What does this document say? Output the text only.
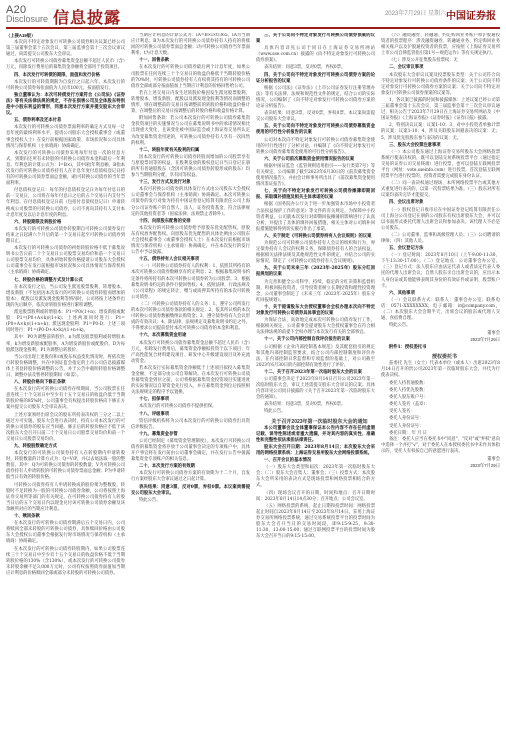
A20
Disclosure 信息披露	2023年7月29日 星期六 中国证券报

（上接A19版）

本次向不特定对象发行可转换公司债券相关议案已经公司第三届董事会第十五次会议、第三届监事会第十三次会议审议通过，尚需提交公司股东大会审议。

本次发行可转换公司债券募集资金总额不超过人民币（含）万元，扣除发行费用后的募集资金净额将全部用于投资项目。

四、本次发行可转债的期限、面值和发行价格

本次发行的可转债期限为自发行之日起六年。本次发行的可转换公司债券每张面值为人民币100元，按面值发行。

独立董事认为：本次可转债发行方案符合《公司法》《证券法》等有关法律法规的规定，不存在损害公司及全体股东特别是中小股东利益的情形，同意本次发行方案并提交股东大会审议。

五、债券利率及还本付息

本次发行的可转换公司债券票面利率的确定方式及每一计息年度的最终利率水平，提请公司股东大会授权董事会（或董事会授权人士）在发行前根据国家政策、市场状况和公司具体情况与保荐机构（主承销商）协商确定。

本次发行的可转换公司债券采用每年付息一次的付息方式，到期归还所有未转股的可转换公司债券本金和最后一年利息。年利息的计算公式为：I=B×i，其中I指年利息额，B指本次发行的可转换公司债券持有人在计息年度付息债权登记日持有的可转换公司债券票面总金额，i指可转换公司债券的当年票面利率。

付息债权登记日：每年的付息债权登记日为每年付息日的前一交易日，公司将在每年付息日之后的五个交易日内支付当年利息。在付息债权登记日前（包括付息债权登记日）申请转换成公司股票的可转换公司债券，公司不再向其持有人支付本计息年度及以后计息年度的利息。

六、转股期限及转股价格

本次发行的可转换公司债券转股期自可转换公司债券发行结束之日起满六个月后的第一个交易日起至可转换公司债券到期日止。

本次发行的可转换公司债券的初始转股价格不低于募集说明书公告日前二十个交易日公司股票交易均价和前一个交易日公司股票交易均价，具体初始转股价格提请公司股东大会授权公司董事会在发行前根据市场状况和公司具体情况与保荐机构（主承销商）协商确定。

七、转股价格的调整方式及计算公式

在本次发行之后，当公司发生派送股票股利、转增股本、增发新股（不包括因本次发行的可转换公司债券转股而增加的股本）、配股以及派发现金股利等情况时，公司将按上述条件出现的先后顺序，依次对转股价格进行累积调整。

派送股票股利或转增股本：P1=P0/(1+n)；增发新股或配股：P1=(P0+A×k)/(1+k)；上述两项同时进行：P1=(P0+A×k)/(1+n+k)；派送现金股利：P1=P0-D；上述三项同时进行：P1=(P0-D+A×k)/(1+n+k)。

其中：P0为调整前转股价，n为派送股票股利或转增股本率，k为增发新股或配股率，A为增发新股价或配股价，D为每股派送现金股利，P1为调整后转股价。

当公司出现上述股份和/或股东权益变化情况时，将依次进行转股价格调整，并在中国证监会指定的上市公司信息披露媒体上刊登转股价格调整的公告，并于公告中载明转股价格调整日、调整办法及暂停转股期间（如需）。

八、转股价格向下修正条款

在本次发行的可转换公司债券存续期间，当公司股票在任意连续三十个交易日中至少有十五个交易日的收盘价低于当期转股价格的85%时，公司董事会有权提出转股价格向下修正方案并提交公司股东大会审议表决。

上述方案须经出席会议的股东所持表决权的三分之二以上通过方可实施。股东大会进行表决时，持有公司本次发行的可转换公司债券的股东应当回避。修正后的转股价格应不低于该次股东大会召开日前二十个交易日公司股票交易均价和前一个交易日公司股票交易均价。

九、转股股数确定方式

本次发行的可转换公司债券持有人在转股期内申请转股时，转股数量的计算方式为：Q=V/P，并以去尾法取一股的整数倍。其中：Q为可转换公司债券的转股数量；V为可转换公司债券持有人申请转股的可转换公司债券票面总金额；P为申请转股当日有效的转股价格。

可转换公司债券持有人申请转换成的股份须为整数股。转股时不足转换为一股的可转换公司债券余额，公司将按照上海证券交易所等部门的有关规定，在可转换公司债券持有人转股当日后的五个交易日内以现金兑付该可转换公司债券余额及该余额所对应的当期应计利息。

十、赎回条款

在本次发行的可转换公司债券期满后五个交易日内，公司将赎回全部未转股的可转换公司债券，具体赎回价格由公司股东大会授权公司董事会根据发行时市场情况与保荐机构（主承销商）协商确定。

在本次发行的可转换公司债券转股期内，如果公司股票连续三十个交易日中至少有十五个交易日的收盘价格不低于当期转股价格的130%（含130%），或本次发行的可转换公司债券未转股余额不足3,000万元时，公司有权按照债券面值加当期应计利息的价格赎回全部或部分未转股的可转换公司债券。

当期应计利息的计算公式为：IA=B×i×t/365。IA为当期应计利息；B为本次发行的可转换公司债券持有人持有的将赎回的可转换公司债券票面总金额；i为可转换公司债券当年票面利率；t为计息天数。

十一、回售条款

在本次发行的可转换公司债券最后两个计息年度，如果公司股票在任何连续三十个交易日的收盘价格低于当期转股价格的70%时，可转换公司债券持有人有权将其持有的可转换公司债券全部或部分按面值加上当期应计利息的价格回售给公司。

若在上述交易日内发生过转股价格因发生派送股票股利、转增股本、增发新股、配股以及派发现金股利等情况而调整的情形，则在调整前的交易日按调整前的转股价格和收盘价格计算，在调整后的交易日按调整后的转股价格和收盘价格计算。

附加回售条款：若公司本次发行的可转换公司债券募集资金投资项目的实施情况与公司在募集说明书中的承诺情况相比出现重大变化，且该变化被中国证监会或上海证券交易所认定为改变募集资金用途的，可转换公司债券持有人享有一次回售的权利。

十二、转股年度有关股利的归属

因本次发行的可转换公司债券转股而增加的公司股票享有与原股票同等的权益，在股利发放的股权登记日当日登记在册的所有普通股股东（含因可转换公司债券转股形成的股东）均参与当期股利分配，享有同等权益。

十三、发行方式及发行对象

本次可转换公司债券的具体发行方式由公司股东大会授权公司董事会与保荐机构（主承销商）协商确定。本次可转换公司债券的发行对象为持有中国证券登记结算有限责任公司上海分公司证券账户的自然人、法人、证券投资基金、符合法律规定的其他投资者等（国家法律、法规禁止者除外）。

十四、向原股东配售的安排

本次发行的可转换公司债券给予原股东优先配售权，原股东有权放弃配售权。向原股东优先配售的具体比例由公司股东大会授权董事会（或董事会授权人士）在本次发行前根据市场情况与保荐机构（主承销商）协商确定，并在本次发行的发行公告中予以披露。

十五、债券持有人会议相关事项

（一）可转换公司债券持有人的权利：1、依照其所持有的本次可转换公司债券数额享有约定利息；2、根据募集说明书约定条件将所持有的本次可转换公司债券转为公司股票；3、根据募集说明书约定的条件行使回售权；4、依照法律、行政法规及《公司章程》的规定转让、赠与或质押其所持有的本次可转换公司债券。

（二）可转换公司债券持有人的义务：1、遵守公司所发行的本次可转换公司债券条款的相关规定；2、依其所认购的本次可转换公司债券数额缴纳认购资金；3、遵守债券持有人会议形成的有效决议；4、除法律、法规规定及募集说明书约定之外，不得要求公司提前偿付本次可转换公司债券的本金和利息。

十六、本次募集资金用途

本次发行可转换公司债券募集资金总额不超过人民币（含）万元，扣除发行费用后，募集资金净额拟投资于以下项目：年产高性能复合材料建设项目、研发中心升级建设项目及补充流动资金。

若本次发行实际募集资金净额低于上述项目拟投入募集资金金额，不足部分由公司自筹解决。在本次发行可转换公司债券募集资金到位之前，公司将根据募集资金投资项目实施进度的实际情况以自筹资金先行投入，并在募集资金到位后按照相关法规规定的程序予以置换。

十七、担保事项

本次发行的可转换公司债券不提供担保。

十八、评级事项

资信评级机构将为公司本次发行的可转换公司债券出具资信评级报告。

十九、募集资金存管

公司已经制定《募集资金管理制度》，本次发行可转换公司债券的募集资金将存放于公司董事会决定的专项账户中，具体开户事宜将在发行前由公司董事会确定，并在发行公告中披露募集资金专项账户的相关信息。

二十、本次发行方案的有效期

本次发行可转换公司债券方案的有效期为十二个月，自发行方案经股东大会审议通过之日起计算。

表决结果：同意3票，反对0票，弃权0票。本议案尚需提交公司股东大会审议。

特此公告。

三、关于公司向不特定对象发行可转换公司债券预案的议案

具体内容详见公司于同日在上海证券交易所网站（www.sse.com.cn）披露的《向不特定对象发行可转换公司债券预案》。

表决结果：同意3票，反对0票，弃权0票。

四、关于公司向不特定对象发行可转换公司债券方案的论证分析报告的议案

根据《公司法》《证券法》《上市公司证券发行注册管理办法》等有关法律、法规和规范性文件的规定，结合公司的实际情况，公司编制了《向不特定对象发行可转换公司债券方案的论证分析报告》。

表决结果：同意3票，反对0票，弃权0票。本议案尚需提交公司股东大会审议。

五、关于公司向不特定对象发行可转换公司债券募集资金使用的可行性分析报告的议案

公司对本次向不特定对象发行可转换公司债券募集资金使用的可行性进行了分析讨论，并编制了《向不特定对象发行可转换公司债券募集资金使用的可行性分析报告》。

六、关于公司前次募集资金使用情况报告的议案

根据中国证监会《监管规则适用指引——发行类第7号》等有关规定，公司编制了截至2023年6月30日的《前次募集资金使用情况报告》，并由会计师事务所出具了《前次募集资金使用情况鉴证报告》。

七、关于向不特定对象发行可转换公司债券摊薄即期回报、采取填补措施及相关主体承诺的议案

根据《国务院办公厅关于进一步加强资本市场中小投资者合法权益保护工作的意见》等文件的有关规定，为保障中小投资者利益，公司就本次发行对即期回报摊薄的影响进行了认真分析，并提出了具体的填补回报措施，相关主体对公司填补回报措施能够得到切实履行作出了承诺。

八、关于制定《可转换公司债券持有人会议规则》的议案

为规范公司可转换公司债券持有人会议的组织和行为，界定债券持有人会议的权利义务，保障债券持有人的合法权益，根据相关法律法规及其他规范性文件的规定，并结合公司的实际情况，制定了《可转换公司债券持有人会议规则》。

九、关于公司未来三年（2023年-2025年）股东分红回报规划的议案

为完善和健全公司科学、持续、稳定的分红决策和监督机制，积极回报投资者，引导投资者树立长期投资和理性投资理念，公司董事会制定了《未来三年（2023年-2025年）股东分红回报规划》。

十、关于提请股东大会授权董事会全权办理本次向不特定对象发行可转换公司债券具体事宜的议案

为保证合法、高效地完成本次可转换公司债券发行工作，根据相关规定，公司董事会提请股东大会授权董事会在符合相关法律法规的前提下全权办理与本次发行有关的全部事宜。

十一、关于公司内部控制自我评价报告的议案

公司根据《企业内部控制基本规范》及其配套指引的规定和其他内部控制监管要求，结合公司内部控制制度和评价办法，在内部控制日常监督和专项监督的基础上，对公司截至2023年6月30日的内部控制有效性进行了评价。

十二、关于召开2023年第一次临时股东大会的议案

公司董事会决定于2023年8月14日召开公司2023年第一次临时股东大会，审议上述需提交股东大会审议的议案。具体内容详见公司同日披露的《关于召开2023年第一次临时股东大会的通知》。

表决结果：同意3票，反对0票，弃权0票。

特此公告。

关于召开2023年第一次临时股东大会的通知

本公司董事会及全体董事保证本公告内容不存在任何虚假记载、误导性陈述或者重大遗漏，并对其内容的真实性、准确性和完整性依法承担法律责任。

股东大会召开日期：2023年8月14日；本次股东大会采用的网络投票系统：上海证券交易所股东大会网络投票系统。

一、召开会议的基本情况

（一）股东大会类型和届次：2023年第一次临时股东大会；（二）股东大会召集人：董事会；（三）投票方式：本次股东大会所采用的表决方式是现场投票和网络投票相结合的方式。

（四）现场会议召开的日期、时间和地点：召开日期时间：2023年8月14日14点30分；召开地点：公司会议室。

（五）网络投票的系统、起止日期和投票时间：网络投票起止时间自2023年8月14日至2023年8月14日。采用上海证券交易所网络投票系统，通过交易系统投票平台的投票时间为股东大会召开当日的交易时间段，即9:15-9:25，9:30-11:30，13:00-15:00；通过互联网投票平台的投票时间为股东大会召开当日的9:15-15:00。

（六）融资融券、转融通、约定购回业务账户和沪股通投资者的投票程序：涉及融资融券、转融通业务、约定购回业务相关账户以及沪股通投资者的投票，应按照《上海证券交易所上市公司自律监管指引第1号—规范运作》等有关规定执行。

（七）涉及公开征集股东投票权：无

二、会议审议事项

本次股东大会审议议案及投票股东类型：关于公司符合向不特定对象发行可转换公司债券条件的议案；关于公司向不特定对象发行可转换公司债券方案的议案；关于公司向不特定对象发行可转换公司债券预案的议案等。

1、各议案已披露的时间和披露媒体：上述议案已经公司第三届董事会第十五次会议、第三届监事会第十三次会议审议通过，相关公告于2023年7月29日在上海证券交易所网站及《中国证券报》《上海证券报》《证券时报》《证券日报》披露。

2、特别决议议案：议案1-10；3、对中小投资者单独计票的议案：议案1-10；4、涉及关联股东回避表决的议案：无；5、涉及优先股股东参与表决的议案：无。

三、股东大会投票注意事项

（一）本公司股东通过上海证券交易所股东大会网络投票系统行使表决权的，既可以登陆交易系统投票平台（通过指定交易的证券公司交易终端）进行投票，也可以登陆互联网投票平台（网址：vote.sseinfo.com）进行投票。首次登陆互联网投票平台进行投票的，投资者需要完成股东身份认证。

（二）同一表决权通过现场、本所网络投票平台或其他方式重复进行表决的，以第一次投票结果为准。（三）股东对所有议案均表决完毕才能提交。

四、会议出席对象

（一）股权登记日收市后在中国证券登记结算有限责任公司上海分公司登记在册的公司股东有权出席股东大会，并可以以书面形式委托代理人出席会议和参加表决。该代理人不必是公司股东。

（二）公司董事、监事和高级管理人员；（三）公司聘请的律师；（四）其他人员。

五、会议登记方法

（一）登记时间：2023年8月10日（上午9:00-11:30，下午13:30-17:00）。（二）登记地点：公司董事会办公室。（三）登记方式：法人股东应由法定代表人或者法定代表人委托的代理人出席会议；自然人股东亲自出席会议的，应出示本人身份证或其他能够表明其身份的有效证件或证明、股票账户卡。

六、其他事项

（一）会议联系方式：联系人：董事会办公室；联系电话：0571-XXXXXXXX；电子邮箱：ir@company.com。（二）本次股东大会会期半天，出席会议的股东或代理人交通、食宿费自理。

特此公告。

董事会

2023年7月29日

附件1：授权委托书

授权委托书

兹委托 先生（女士）代表本单位（或本人）出席2023年8月14日召开的贵公司2023年第一次临时股东大会，并代为行使表决权。

委托人持普通股数：

委托人持优先股数：

委托人股东账户号：

委托人签名（盖章）：

受托人签名：

委托人身份证号：

受托人身份证号：

委托日期： 年 月 日

备注：委托人应当在委托书中"同意"、"反对"或"弃权"意向中选择一个并打"√"，对于委托人在本授权委托书中未作具体指示的，受托人有权按自己的意愿进行表决。

董事会

2023年7月29日
